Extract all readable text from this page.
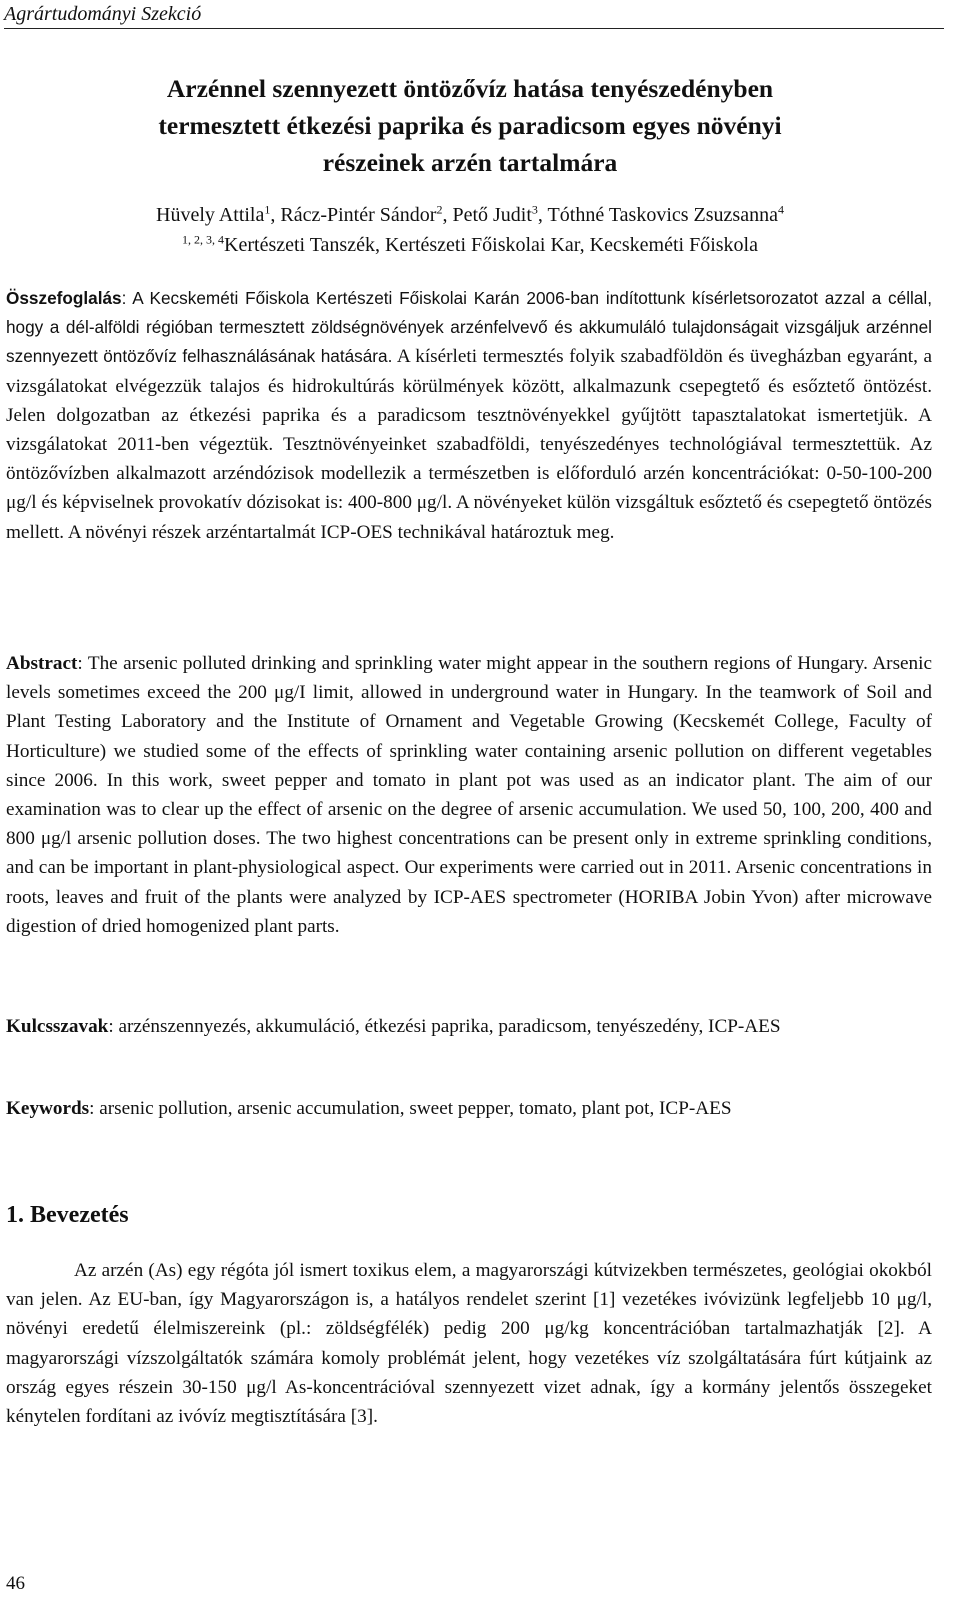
Agrártudományi Szekció
Arzénnel szennyezett öntözővíz hatása tenyészedényben
termesztett étkezési paprika és paradicsom egyes növényi
részeinek arzén tartalmára
Hüvely Attila$^1$, Rácz-Pintér Sándor$^2$, Pető Judit$^3$, Tóthné Taskovics Zsuzsanna$^4$
$^{1, 2, 3, 4}$Kertészeti Tanszék, Kertészeti Főiskolai Kar, Kecskeméti Főiskola
Összefoglalás: A Kecskeméti Főiskola Kertészeti Főiskolai Karán 2006-ban indítottunk kísérletsorozatot azzal a céllal, hogy a dél-alföldi régióban termesztett zöldségnövények arzénfelvevő és akkumuláló tulajdonságait vizsgáljuk arzénnel szennyezett öntözővíz felhasználásának hatására. A kísérleti termesztés folyik szabadföldön és üvegházban egyaránt, a vizsgálatokat elvégezzük talajos és hidrokultúrás körülmények között, alkalmazunk csepegtető és esőztető öntözést. Jelen dolgozatban az étkezési paprika és a paradicsom tesztnövényekkel gyűjtött tapasztalatokat ismertetjük. A vizsgálatokat 2011-ben végeztük. Tesztnövényeinket szabadföldi, tenyészedényes technológiával termesztettük. Az öntözővízben alkalmazott arzéndózisok modellezik a természetben is előforduló arzén koncentrációkat: 0-50-100-200 μg/l és képviselnek provokatív dózisokat is: 400-800 μg/l. A növényeket külön vizsgáltuk esőztető és csepegtető öntözés mellett. A növényi részek arzéntartalmát ICP-OES technikával határoztuk meg.
Abstract: The arsenic polluted drinking and sprinkling water might appear in the southern regions of Hungary. Arsenic levels sometimes exceed the 200 μg/I limit, allowed in underground water in Hungary. In the teamwork of Soil and Plant Testing Laboratory and the Institute of Ornament and Vegetable Growing (Kecskemét College, Faculty of Horticulture) we studied some of the effects of sprinkling water containing arsenic pollution on different vegetables since 2006. In this work, sweet pepper and tomato in plant pot was used as an indicator plant. The aim of our examination was to clear up the effect of arsenic on the degree of arsenic accumulation. We used 50, 100, 200, 400 and 800 μg/l arsenic pollution doses. The two highest concentrations can be present only in extreme sprinkling conditions, and can be important in plant-physiological aspect. Our experiments were carried out in 2011. Arsenic concentrations in roots, leaves and fruit of the plants were analyzed by ICP-AES spectrometer (HORIBA Jobin Yvon) after microwave digestion of dried homogenized plant parts.
Kulcsszavak: arzénszennyezés, akkumuláció, étkezési paprika, paradicsom, tenyészedény, ICP-AES
Keywords: arsenic pollution, arsenic accumulation, sweet pepper, tomato, plant pot, ICP-AES
1. Bevezetés
Az arzén (As) egy régóta jól ismert toxikus elem, a magyarországi kútvizekben természetes, geológiai okokból van jelen. Az EU-ban, így Magyarországon is, a hatályos rendelet szerint [1] vezetékes ivóvizünk legfeljebb 10 μg/l, növényi eredetű élelmiszereink (pl.: zöldségfélék) pedig 200 μg/kg koncentrációban tartalmazhatják [2]. A magyarországi vízszolgáltatók számára komoly problémát jelent, hogy vezetékes víz szolgáltatására fúrt kútjaink az ország egyes részein 30-150 μg/l As-koncentrációval szennyezett vizet adnak, így a kormány jelentős összegeket kénytelen fordítani az ivóvíz megtisztítására [3].
46
